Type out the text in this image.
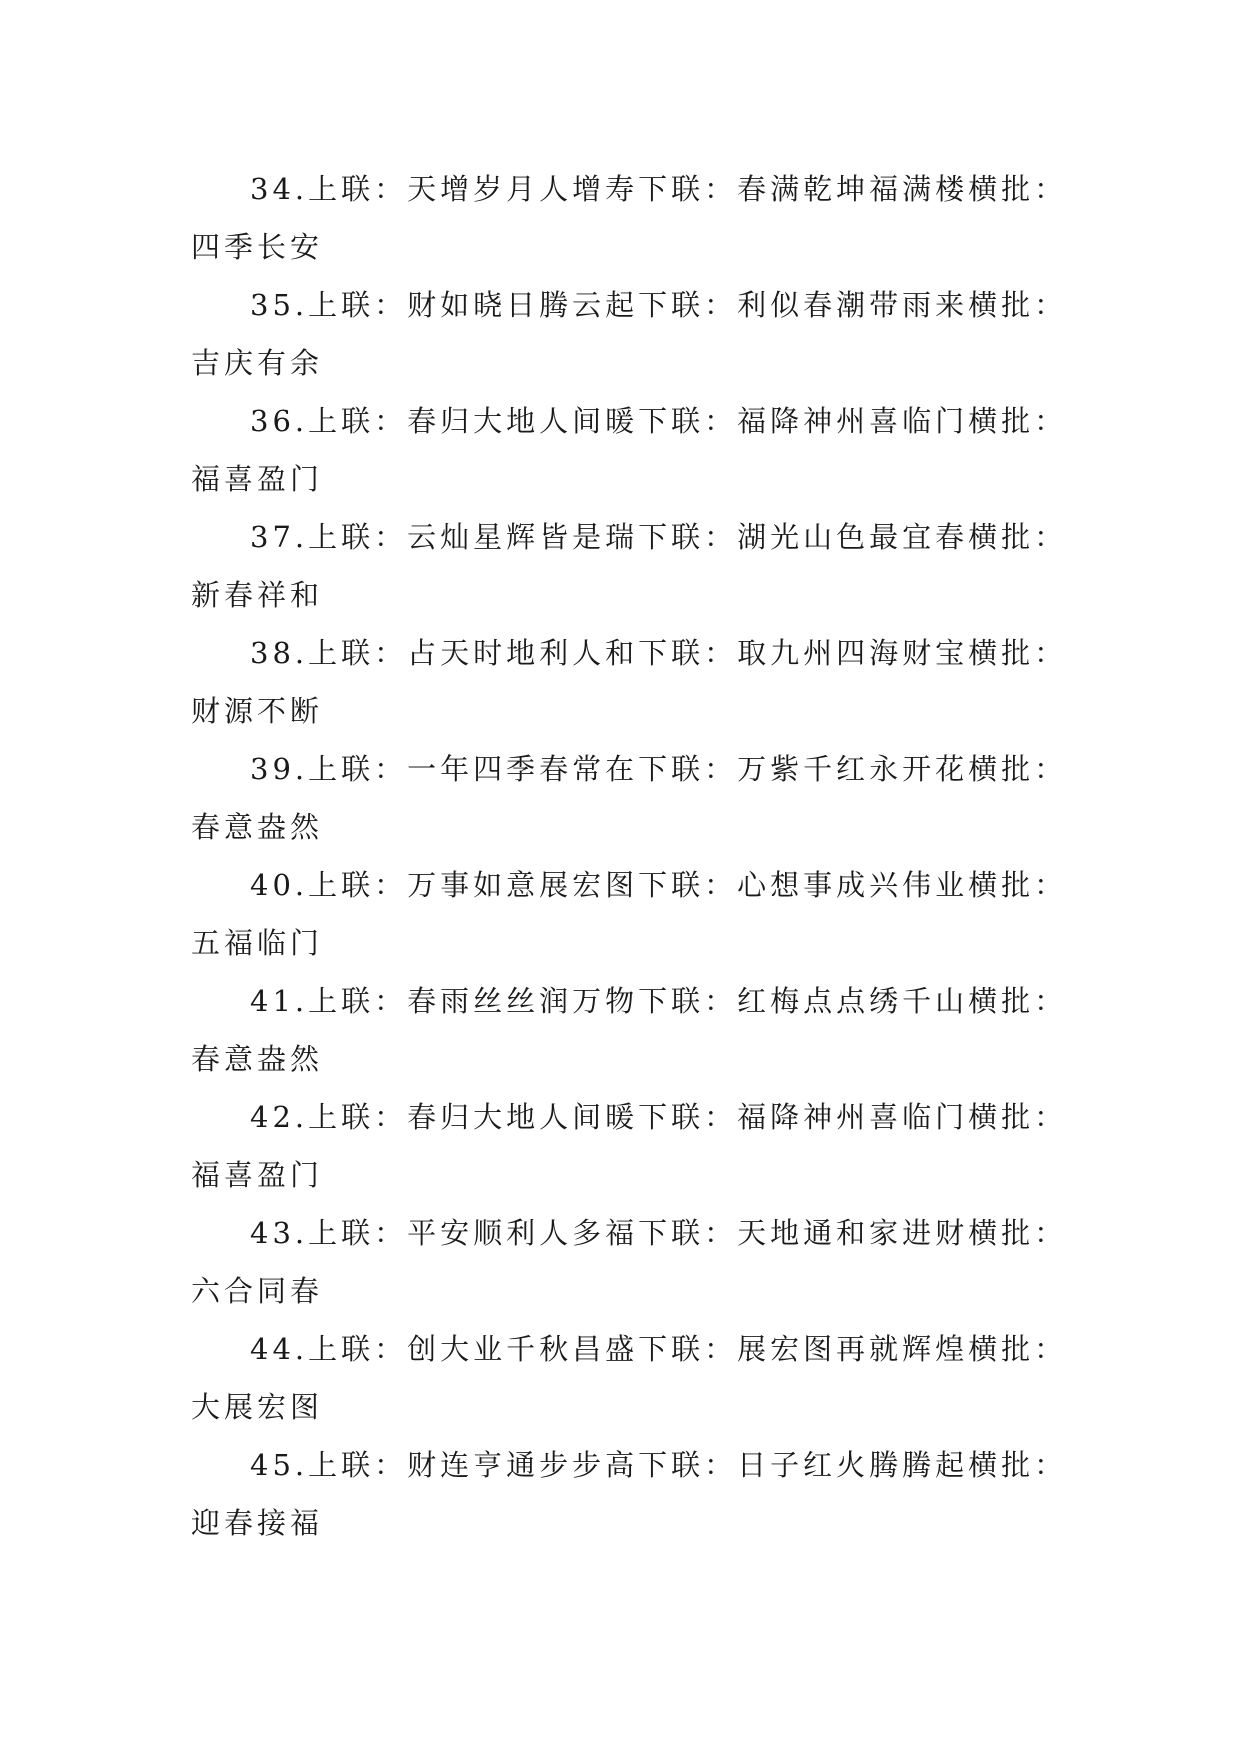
34.上联：天增岁月人增寿下联：春满乾坤福满楼横批：四季长安

35.上联：财如晓日腾云起下联：利似春潮带雨来横批：吉庆有余

36.上联：春归大地人间暖下联：福降神州喜临门横批：福喜盈门

37.上联：云灿星辉皆是瑞下联：湖光山色最宜春横批：新春祥和

38.上联：占天时地利人和下联：取九州四海财宝横批：财源不断

39.上联：一年四季春常在下联：万紫千红永开花横批：春意盎然

40.上联：万事如意展宏图下联：心想事成兴伟业横批：五福临门

41.上联：春雨丝丝润万物下联：红梅点点绣千山横批：春意盎然

42.上联：春归大地人间暖下联：福降神州喜临门横批：福喜盈门

43.上联：平安顺利人多福下联：天地通和家进财横批：六合同春

44.上联：创大业千秋昌盛下联：展宏图再就辉煌横批：大展宏图

45.上联：财连亨通步步高下联：日子红火腾腾起横批：迎春接福
